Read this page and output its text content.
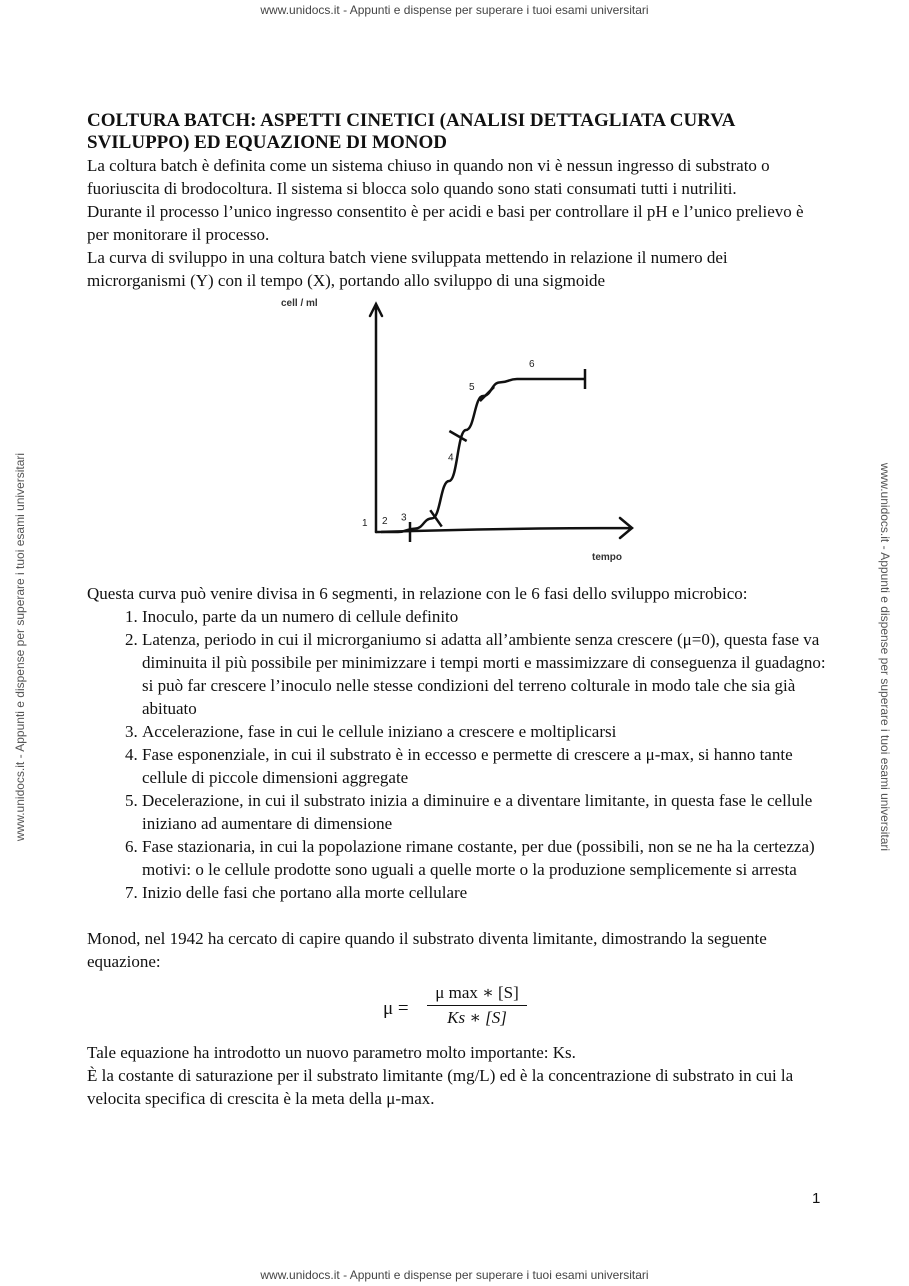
www.unidocs.it - Appunti e dispense per superare i tuoi esami universitari
www.unidocs.it - Appunti e dispense per superare i tuoi esami universitari	www.unidocs.it - Appunti e dispense per superare i tuoi esami universitari
COLTURA BATCH: ASPETTI CINETICI (ANALISI DETTAGLIATA CURVA SVILUPPO) ED EQUAZIONE DI MONOD

La coltura batch è definita come un sistema chiuso in quando non vi è nessun ingresso di substrato o fuoriuscita di brodocoltura. Il sistema si blocca solo quando sono stati consumati tutti i nutriliti.

Durante il processo l’unico ingresso consentito è per acidi e basi per controllare il pH e l’unico prelievo è per monitorare il processo.

La curva di sviluppo in una coltura batch viene sviluppata mettendo in relazione il numero dei microrganismi (Y) con il tempo (X), portando allo sviluppo di una sigmoide

cell / ml
tempo
1 2 3
4
5
6

Questa curva può venire divisa in 6 segmenti, in relazione con le 6 fasi dello sviluppo microbico:

1. Inoculo, parte da un numero di cellule definito
2. Latenza, periodo in cui il microrganiumo si adatta all’ambiente senza crescere (μ=0), questa fase va diminuita il più possibile per minimizzare i tempi morti e massimizzare di conseguenza il guadagno: si può far crescere l’inoculo nelle stesse condizioni del terreno colturale in modo tale che sia già abituato
3. Accelerazione, fase in cui le cellule iniziano a crescere e moltiplicarsi
4. Fase esponenziale, in cui il substrato è in eccesso e permette di crescere a μ-max, si hanno tante cellule di piccole dimensioni aggregate
5. Decelerazione, in cui il substrato inizia a diminuire e a diventare limitante, in questa fase le cellule iniziano ad aumentare di dimensione
6. Fase stazionaria, in cui la popolazione rimane costante, per due (possibili, non se ne ha la certezza) motivi: o le cellule prodotte sono uguali a quelle morte o la produzione semplicemente si arresta
7. Inizio delle fasi che portano alla morte cellulare

Monod, nel 1942 ha cercato di capire quando il substrato diventa limitante, dimostrando la seguente equazione:

μ =
μ max ∗ [S]
Ks ∗ [S]

Tale equazione ha introdotto un nuovo parametro molto importante: Ks.

È la costante di saturazione per il substrato limitante (mg/L) ed è la concentrazione di substrato in cui la velocita specifica di crescita è la meta della μ-max.

1
www.unidocs.it - Appunti e dispense per superare i tuoi esami universitari
